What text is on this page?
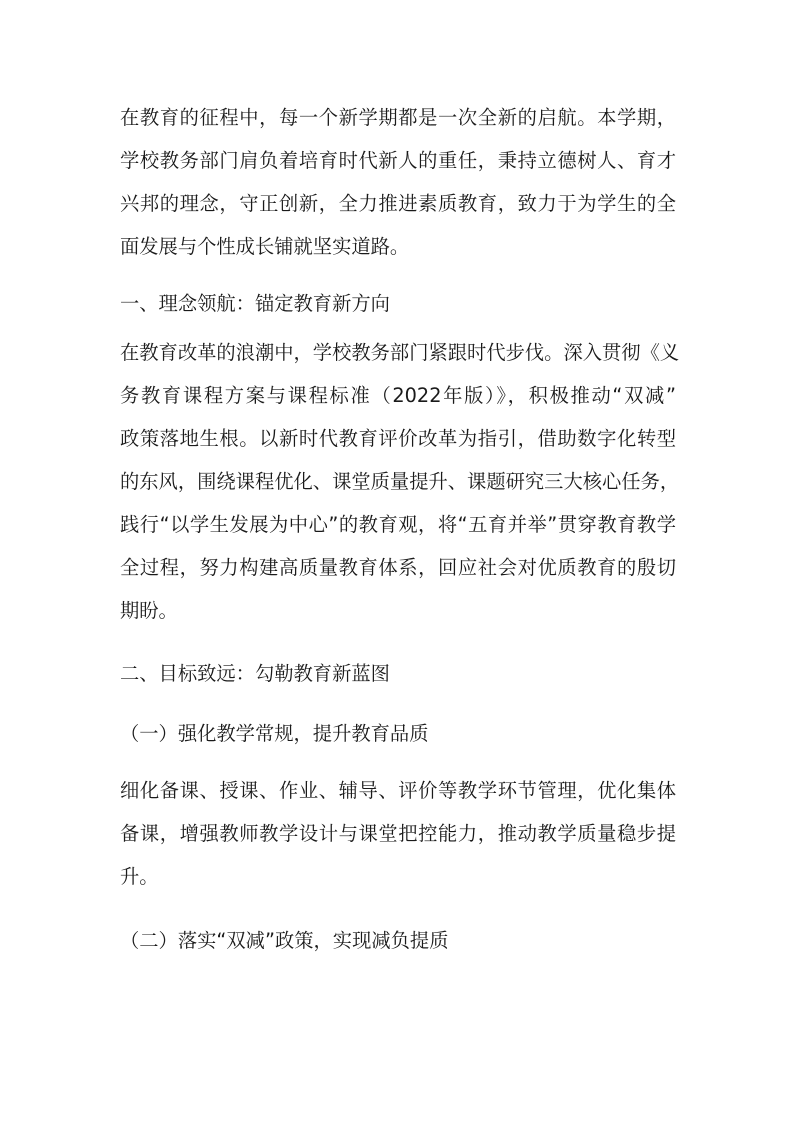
在教育的征程中，每一个新学期都是一次全新的启航。本学期，
学校教务部门肩负着培育时代新人的重任，秉持立德树人、育才
兴邦的理念，守正创新，全力推进素质教育，致力于为学生的全
面发展与个性成长铺就坚实道路。
一、理念领航：锚定教育新方向
在教育改革的浪潮中，学校教务部门紧跟时代步伐。深入贯彻《义
务教育课程方案与课程标准（2022年版）》，积极推动“双减”
政策落地生根。以新时代教育评价改革为指引，借助数字化转型
的东风，围绕课程优化、课堂质量提升、课题研究三大核心任务，
践行“以学生发展为中心”的教育观，将“五育并举”贯穿教育教学
全过程，努力构建高质量教育体系，回应社会对优质教育的殷切
期盼。
二、目标致远：勾勒教育新蓝图
（一）强化教学常规，提升教育品质
细化备课、授课、作业、辅导、评价等教学环节管理，优化集体
备课，增强教师教学设计与课堂把控能力，推动教学质量稳步提
升。
（二）落实“双减”政策，实现减负提质
